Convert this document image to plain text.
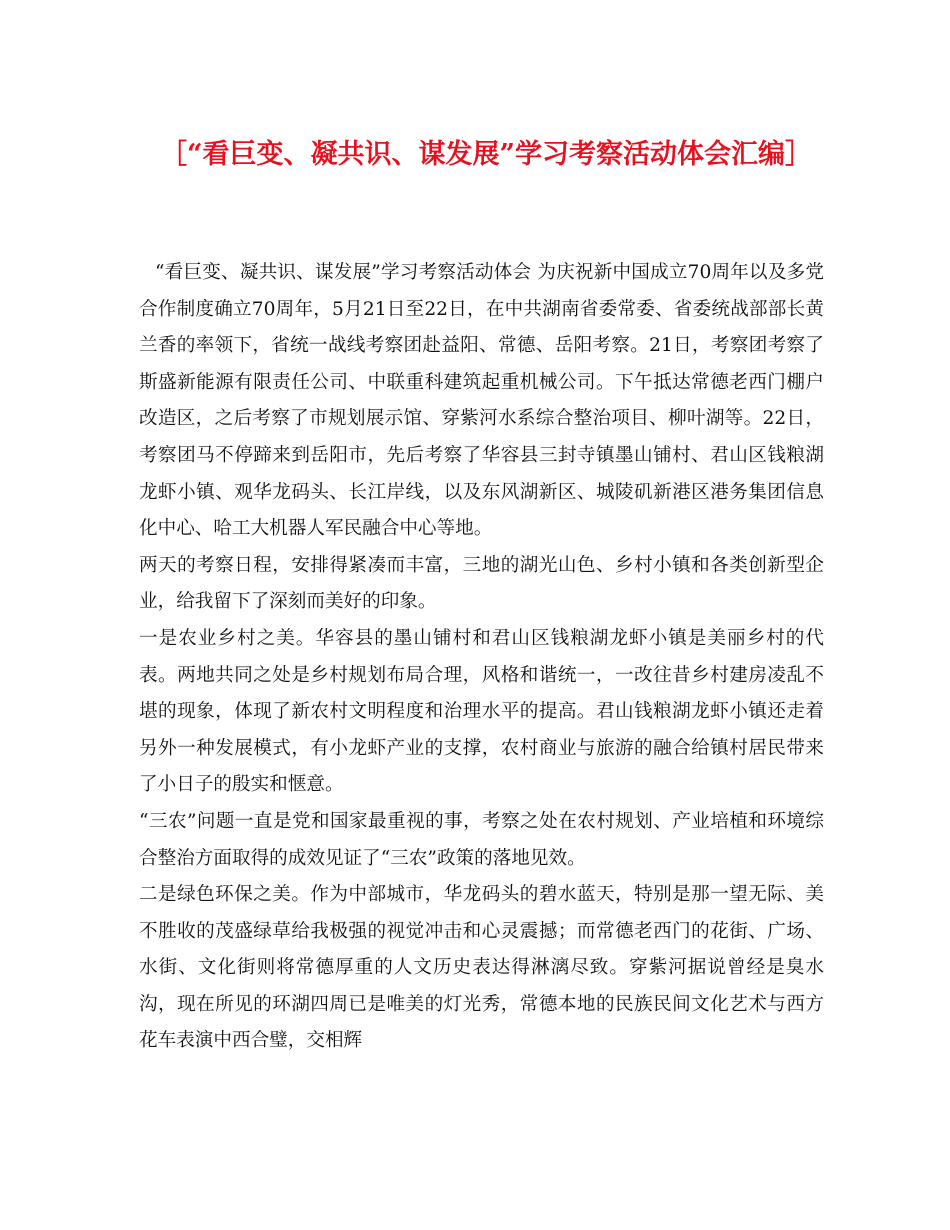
［“看巨变、凝共识、谋发展”学习考察活动体会汇编］

“看巨变、凝共识、谋发展”学习考察活动体会 为庆祝新中国成立70周年以及多党合作制度确立70周年，5月21日至22日，在中共湖南省委常委、省委统战部部长黄兰香的率领下，省统一战线考察团赴益阳、常德、岳阳考察。21日，考察团考察了斯盛新能源有限责任公司、中联重科建筑起重机械公司。下午抵达常德老西门棚户改造区，之后考察了市规划展示馆、穿紫河水系综合整治项目、柳叶湖等。22日，考察团马不停蹄来到岳阳市，先后考察了华容县三封寺镇墨山铺村、君山区钱粮湖龙虾小镇、观华龙码头、长江岸线，以及东风湖新区、城陵矶新港区港务集团信息化中心、哈工大机器人军民融合中心等地。

两天的考察日程，安排得紧凑而丰富，三地的湖光山色、乡村小镇和各类创新型企业，给我留下了深刻而美好的印象。

一是农业乡村之美。华容县的墨山铺村和君山区钱粮湖龙虾小镇是美丽乡村的代表。两地共同之处是乡村规划布局合理，风格和谐统一，一改往昔乡村建房凌乱不堪的现象，体现了新农村文明程度和治理水平的提高。君山钱粮湖龙虾小镇还走着另外一种发展模式，有小龙虾产业的支撑，农村商业与旅游的融合给镇村居民带来了小日子的殷实和惬意。

“三农”问题一直是党和国家最重视的事，考察之处在农村规划、产业培植和环境综合整治方面取得的成效见证了“三农”政策的落地见效。

二是绿色环保之美。作为中部城市，华龙码头的碧水蓝天，特别是那一望无际、美不胜收的茂盛绿草给我极强的视觉冲击和心灵震撼；而常德老西门的花街、广场、水街、文化街则将常德厚重的人文历史表达得淋漓尽致。穿紫河据说曾经是臭水沟，现在所见的环湖四周已是唯美的灯光秀，常德本地的民族民间文化艺术与西方花车表演中西合璧，交相辉
